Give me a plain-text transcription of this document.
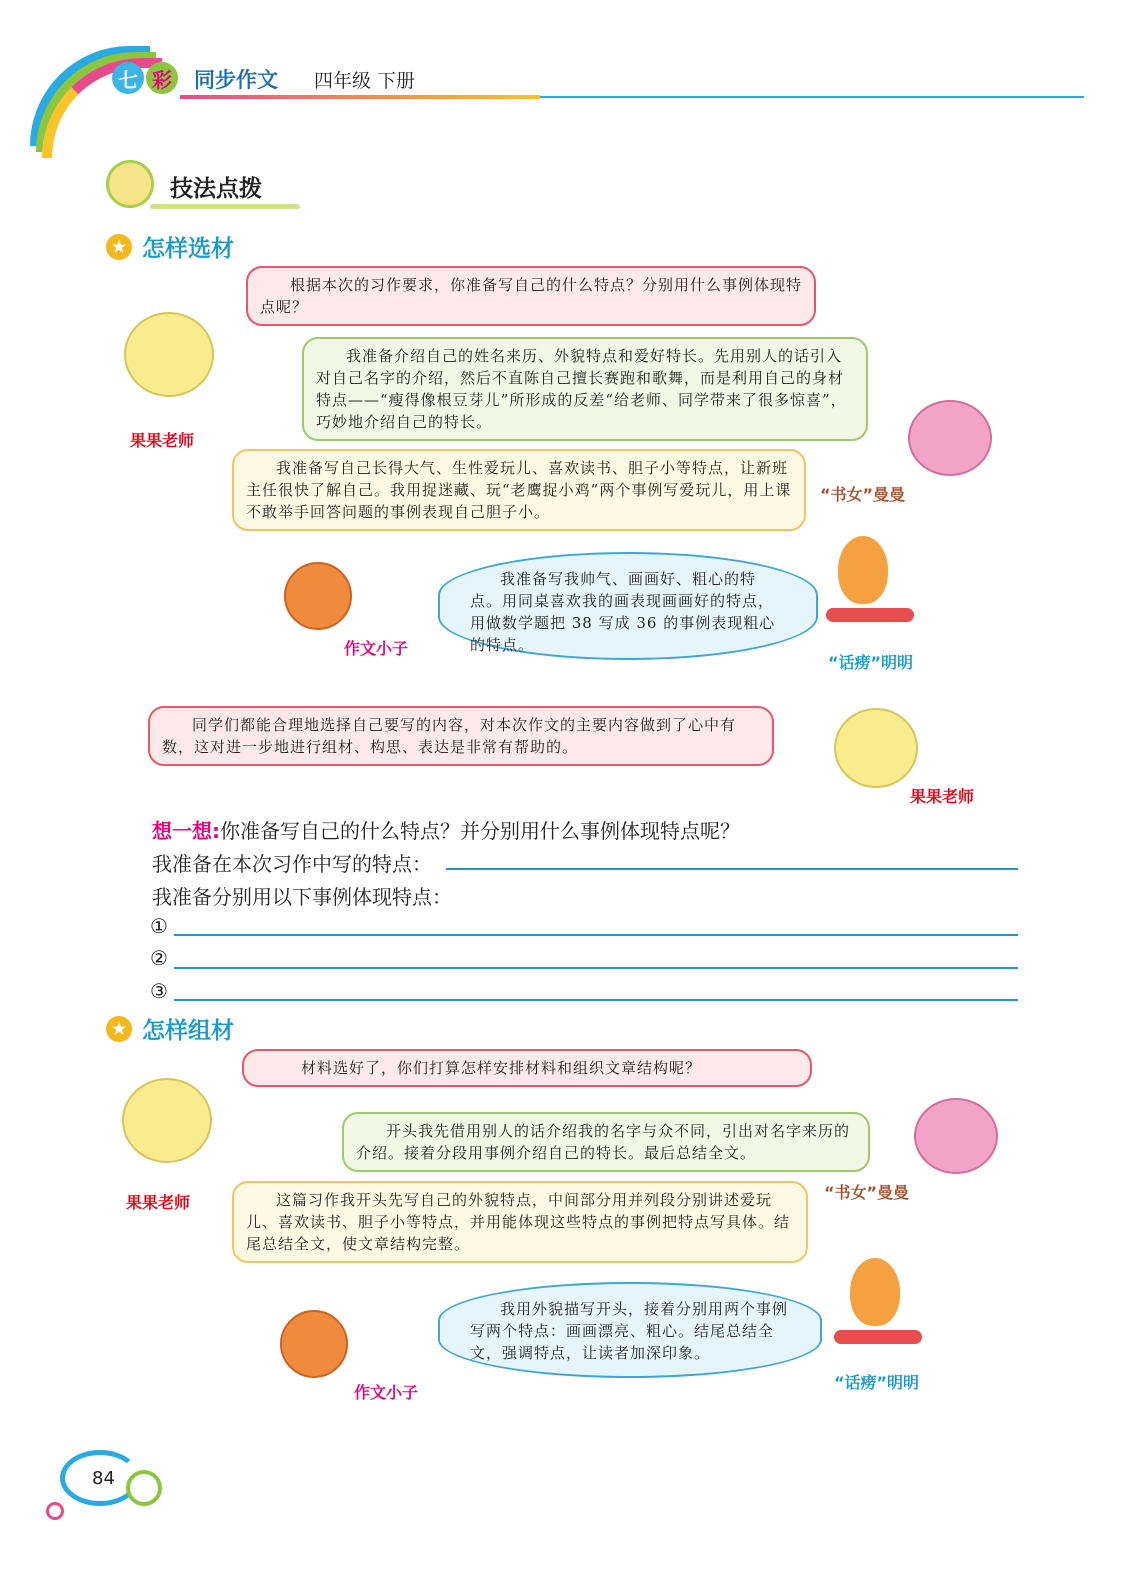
七 彩 同步作文 四年级 下册
技法点拨
★ 怎样选材
果果老师
根据本次的习作要求，你准备写自己的什么特点？分别用什么事例体现特点呢？
我准备介绍自己的姓名来历、外貌特点和爱好特长。先用别人的话引入对自己名字的介绍，然后不直陈自己擅长赛跑和歌舞，而是利用自己的身材特点——“瘦得像根豆芽儿”所形成的反差“给老师、同学带来了很多惊喜”，巧妙地介绍自己的特长。
“书女”曼曼
我准备写自己长得大气、生性爱玩儿、喜欢读书、胆子小等特点，让新班主任很快了解自己。我用捉迷藏、玩“老鹰捉小鸡”两个事例写爱玩儿，用上课不敢举手回答问题的事例表现自己胆子小。
作文小子
我准备写我帅气、画画好、粗心的特点。用同桌喜欢我的画表现画画好的特点，用做数学题把 38 写成 36 的事例表现粗心的特点。
“话痨”明明
同学们都能合理地选择自己要写的内容，对本次作文的主要内容做到了心中有数，这对进一步地进行组材、构思、表达是非常有帮助的。
果果老师
想一想:你准备写自己的什么特点？并分别用什么事例体现特点呢？
我准备在本次习作中写的特点：
我准备分别用以下事例体现特点：
①
②
③
★ 怎样组材
果果老师
材料选好了，你们打算怎样安排材料和组织文章结构呢？
开头我先借用别人的话介绍我的名字与众不同，引出对名字来历的介绍。接着分段用事例介绍自己的特长。最后总结全文。
“书女”曼曼
这篇习作我开头先写自己的外貌特点，中间部分用并列段分别讲述爱玩儿、喜欢读书、胆子小等特点，并用能体现这些特点的事例把特点写具体。结尾总结全文，使文章结构完整。
作文小子
我用外貌描写开头，接着分别用两个事例写两个特点：画画漂亮、粗心。结尾总结全文，强调特点，让读者加深印象。
“话痨”明明
84
